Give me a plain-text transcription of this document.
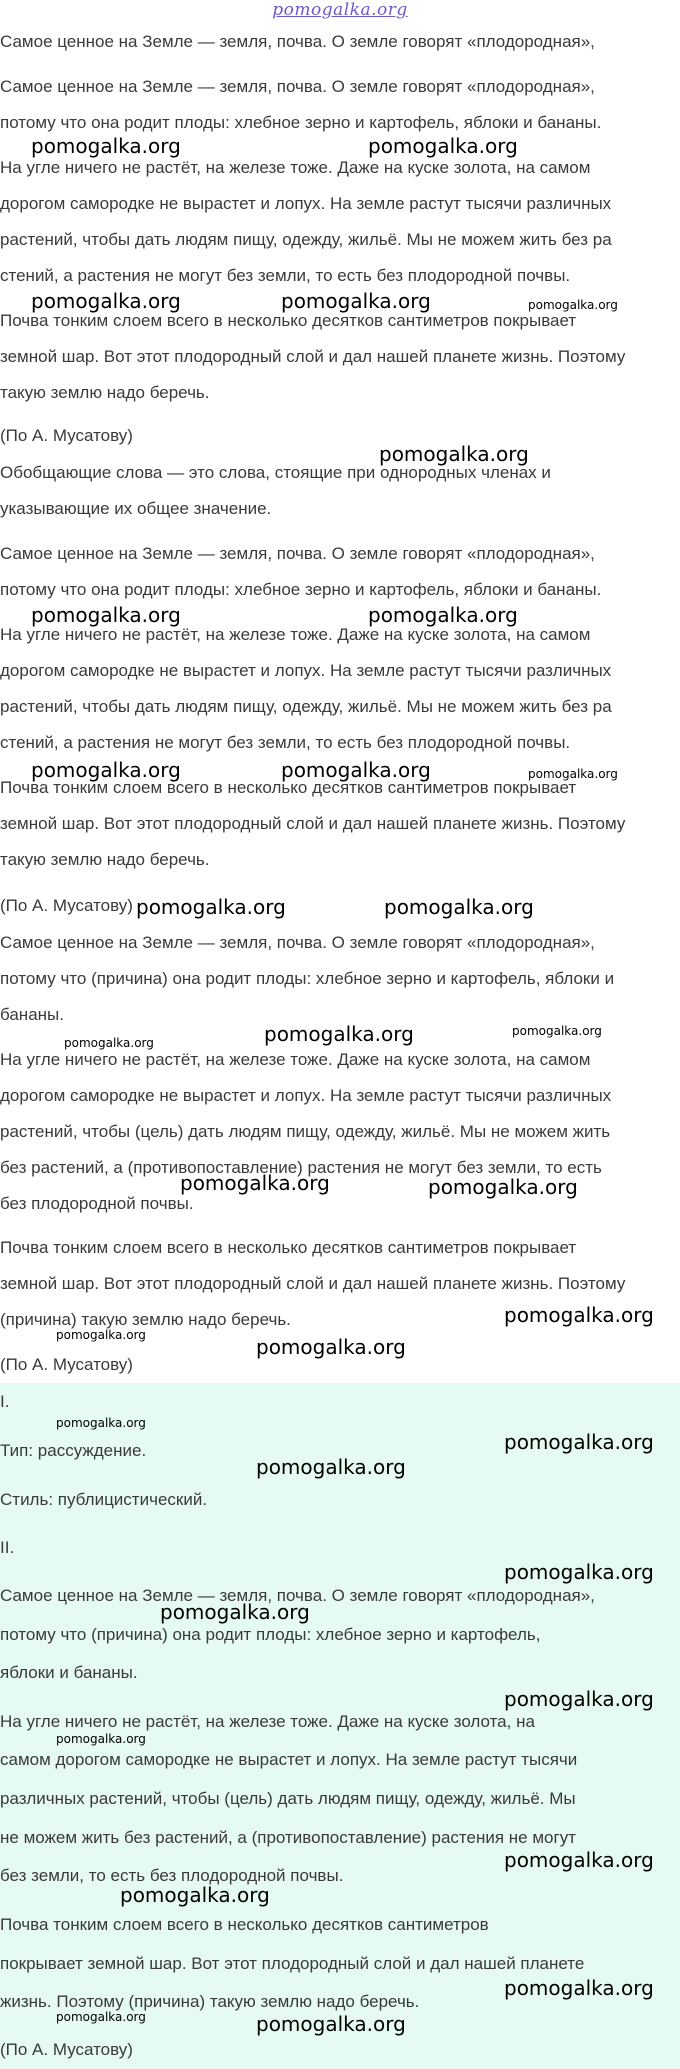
pomogalka.org
Самое ценное на Земле — земля, почва. О земле говорят «плодородная»,
Самое ценное на Земле — земля, почва. О земле говорят «плодородная»,
потому что она родит плоды: хлебное зерно и картофель, яблоки и бананы.
На угле ничего не растёт, на железе тоже. Даже на куске золота, на самом
дорогом самородке не вырастет и лопух. На земле растут тысячи различных
растений, чтобы дать людям пищу, одежду, жильё. Мы не можем жить без ра
стений, а растения не могут без земли, то есть без плодородной почвы.
Почва тонким слоем всего в несколько десятков сантиметров покрывает
земной шар. Вот этот плодородный слой и дал нашей планете жизнь. Поэтому
такую землю надо беречь.
(По А. Мусатову)
Обобщающие слова — это слова, стоящие при однородных членах и
указывающие их общее значение.
Самое ценное на Земле — земля, почва. О земле говорят «плодородная»,
потому что она родит плоды: хлебное зерно и картофель, яблоки и бананы.
На угле ничего не растёт, на железе тоже. Даже на куске золота, на самом
дорогом самородке не вырастет и лопух. На земле растут тысячи различных
растений, чтобы дать людям пищу, одежду, жильё. Мы не можем жить без ра
стений, а растения не могут без земли, то есть без плодородной почвы.
Почва тонким слоем всего в несколько десятков сантиметров покрывает
земной шар. Вот этот плодородный слой и дал нашей планете жизнь. Поэтому
такую землю надо беречь.
(По А. Мусатову)
Самое ценное на Земле — земля, почва. О земле говорят «плодородная»,
потому что (причина) она родит плоды: хлебное зерно и картофель, яблоки и
бананы.
На угле ничего не растёт, на железе тоже. Даже на куске золота, на самом
дорогом самородке не вырастет и лопух. На земле растут тысячи различных
растений, чтобы (цель) дать людям пищу, одежду, жильё. Мы не можем жить
без растений, а (противопоставление) растения не могут без земли, то есть
без плодородной почвы.
Почва тонким слоем всего в несколько десятков сантиметров покрывает
земной шар. Вот этот плодородный слой и дал нашей планете жизнь. Поэтому
(причина) такую землю надо беречь.
(По А. Мусатову)
I.
Тип: рассуждение.
Стиль: публицистический.
II.
Самое ценное на Земле — земля, почва. О земле говорят «плодородная»,
потому что (причина) она родит плоды: хлебное зерно и картофель,
яблоки и бананы.
На угле ничего не растёт, на железе тоже. Даже на куске золота, на
самом дорогом самородке не вырастет и лопух. На земле растут тысячи
различных растений, чтобы (цель) дать людям пищу, одежду, жильё. Мы
не можем жить без растений, а (противопоставление) растения не могут
без земли, то есть без плодородной почвы.
Почва тонким слоем всего в несколько десятков сантиметров
покрывает земной шар. Вот этот плодородный слой и дал нашей планете
жизнь. Поэтому (причина) такую землю надо беречь.
(По А. Мусатову)
pomogalka.org	pomogalka.org
pomogalka.org	pomogalka.org	pomogalka.org
pomogalka.org
pomogalka.org	pomogalka.org
pomogalka.org	pomogalka.org	pomogalka.org
pomogalka.org	pomogalka.org
pomogalka.org
pomogalka.org
pomogalka.org
pomogalka.org	pomogalka.org
pomogalka.org
pomogalka.org	pomogalka.org
pomogalka.org
pomogalka.org
pomogalka.org
pomogalka.org
pomogalka.org
pomogalka.org
pomogalka.org
pomogalka.org
pomogalka.org
pomogalka.org
pomogalka.org	pomogalka.org
